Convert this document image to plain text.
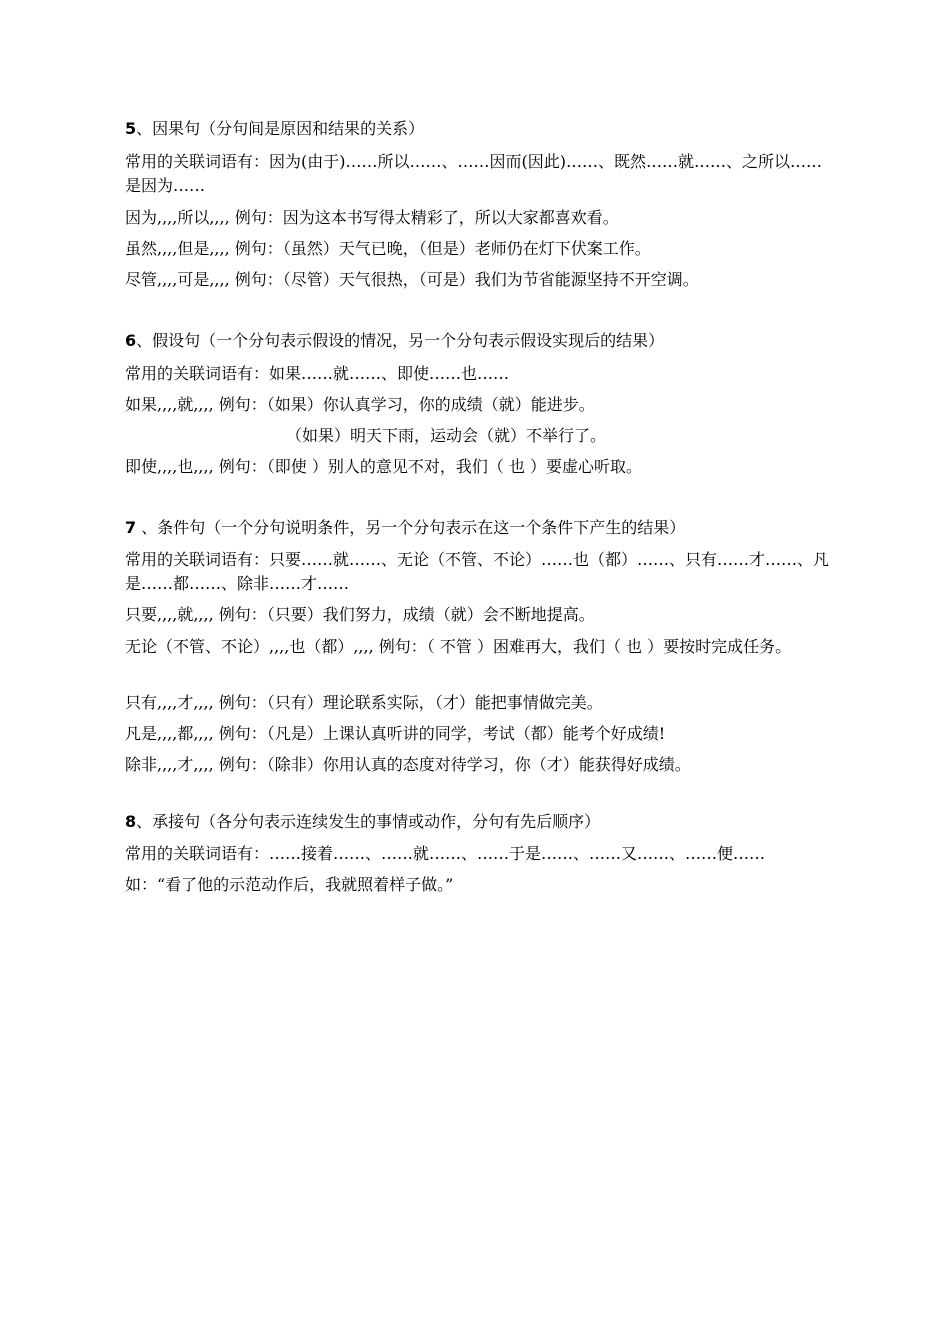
5、因果句（分句间是原因和结果的关系）
常用的关联词语有：因为(由于)……所以……、……因而(因此)……、既然……就……、之所以……是因为……
因为,,,,所以,,,, 例句：因为这本书写得太精彩了，所以大家都喜欢看。
虽然,,,,但是,,,, 例句：（虽然）天气已晚，（但是）老师仍在灯下伏案工作。
尽管,,,,可是,,,, 例句：（尽管）天气很热，（可是）我们为节省能源坚持不开空调。
6、假设句（一个分句表示假设的情况，另一个分句表示假设实现后的结果）
常用的关联词语有：如果……就……、即使……也……
如果,,,,就,,,, 例句：（如果）你认真学习，你的成绩（就）能进步。
（如果）明天下雨，运动会（就）不举行了。
即使,,,,也,,,, 例句：（即使 ）别人的意见不对，我们（ 也 ）要虚心听取。
7 、条件句（一个分句说明条件，另一个分句表示在这一个条件下产生的结果）
常用的关联词语有：只要……就……、无论（不管、不论）……也（都）……、只有……才……、凡是……都……、除非……才……
只要,,,,就,,,, 例句：（只要）我们努力，成绩（就）会不断地提高。
无论（不管、不论）,,,,也（都）,,,, 例句：（ 不管 ）困难再大，我们（ 也 ）要按时完成任务。
只有,,,,才,,,, 例句：（只有）理论联系实际，（才）能把事情做完美。
凡是,,,,都,,,, 例句：（凡是）上课认真听讲的同学，考试（都）能考个好成绩!
除非,,,,才,,,, 例句：（除非）你用认真的态度对待学习，你（才）能获得好成绩。
8、承接句（各分句表示连续发生的事情或动作，分句有先后顺序）
常用的关联词语有：……接着……、……就……、……于是……、……又……、……便……
如：“看了他的示范动作后，我就照着样子做。”
